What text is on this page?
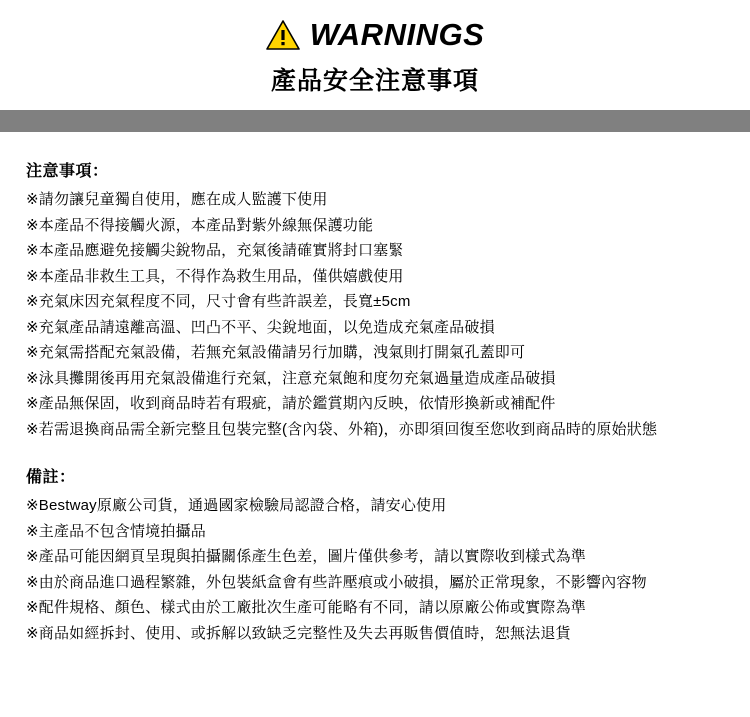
WARNINGS
產品安全注意事項
注意事項：
※請勿讓兒童獨自使用，應在成人監護下使用
※本產品不得接觸火源，本產品對紫外線無保護功能
※本產品應避免接觸尖銳物品，充氣後請確實將封口塞緊
※本產品非救生工具，不得作為救生用品，僅供嬉戲使用
※充氣床因充氣程度不同，尺寸會有些許誤差，長寬±5cm
※充氣產品請遠離高溫、凹凸不平、尖銳地面，以免造成充氣產品破損
※充氣需搭配充氣設備，若無充氣設備請另行加購，洩氣則打開氣孔蓋即可
※泳具攤開後再用充氣設備進行充氣，注意充氣飽和度勿充氣過量造成產品破損
※產品無保固，收到商品時若有瑕疵，請於鑑賞期內反映，依情形換新或補配件
※若需退換商品需全新完整且包裝完整(含內袋、外箱)，亦即須回復至您收到商品時的原始狀態
備註：
※Bestway原廠公司貨，通過國家檢驗局認證合格，請安心使用
※主產品不包含情境拍攝品
※產品可能因網頁呈現與拍攝關係產生色差，圖片僅供參考，請以實際收到樣式為準
※由於商品進口過程繁雜，外包裝紙盒會有些許壓痕或小破損，屬於正常現象，不影響內容物
※配件規格、顏色、樣式由於工廠批次生產可能略有不同，請以原廠公佈或實際為準
※商品如經拆封、使用、或拆解以致缺乏完整性及失去再販售價值時，恕無法退貨
